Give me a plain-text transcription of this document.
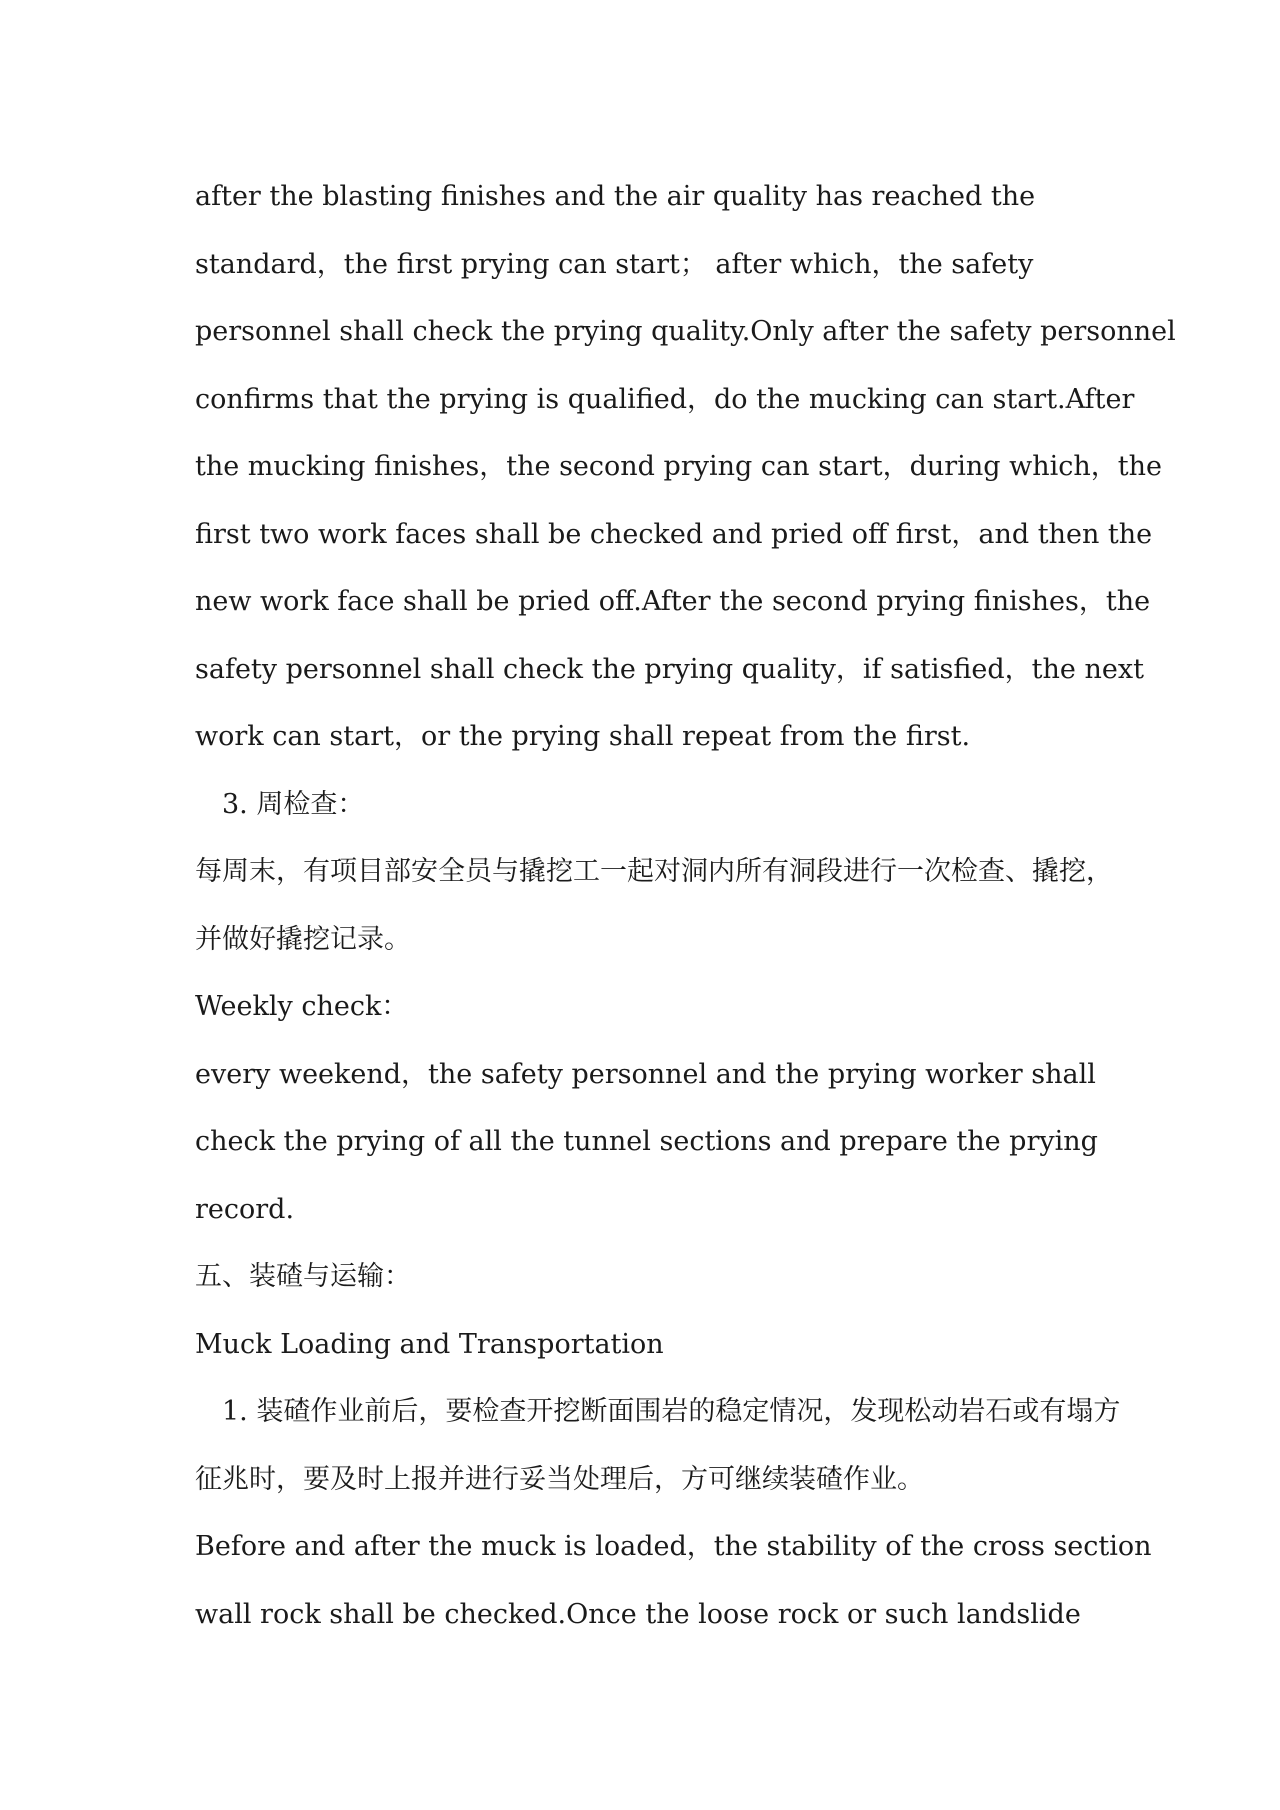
after the blasting finishes and the air quality has reached the
standard，the first prying can start； after which，the safety
personnel shall check the prying quality.Only after the safety personnel
confirms that the prying is qualified，do the mucking can start.After
the mucking finishes，the second prying can start，during which，the
first two work faces shall be checked and pried off first，and then the
new work face shall be pried off.After the second prying finishes，the
safety personnel shall check the prying quality，if satisfied，the next
work can start，or the prying shall repeat from the first.
3. 周检查：
每周末，有项目部安全员与撬挖工一起对洞内所有洞段进行一次检查、撬挖，
并做好撬挖记录。
Weekly check：
every weekend，the safety personnel and the prying worker shall
check the prying of all the tunnel sections and prepare the prying
record.
五、装碴与运输：
Muck Loading and Transportation
1. 装碴作业前后，要检查开挖断面围岩的稳定情况，发现松动岩石或有塌方
征兆时，要及时上报并进行妥当处理后，方可继续装碴作业。
Before and after the muck is loaded，the stability of the cross section
wall rock shall be checked.Once the loose rock or such landslide
